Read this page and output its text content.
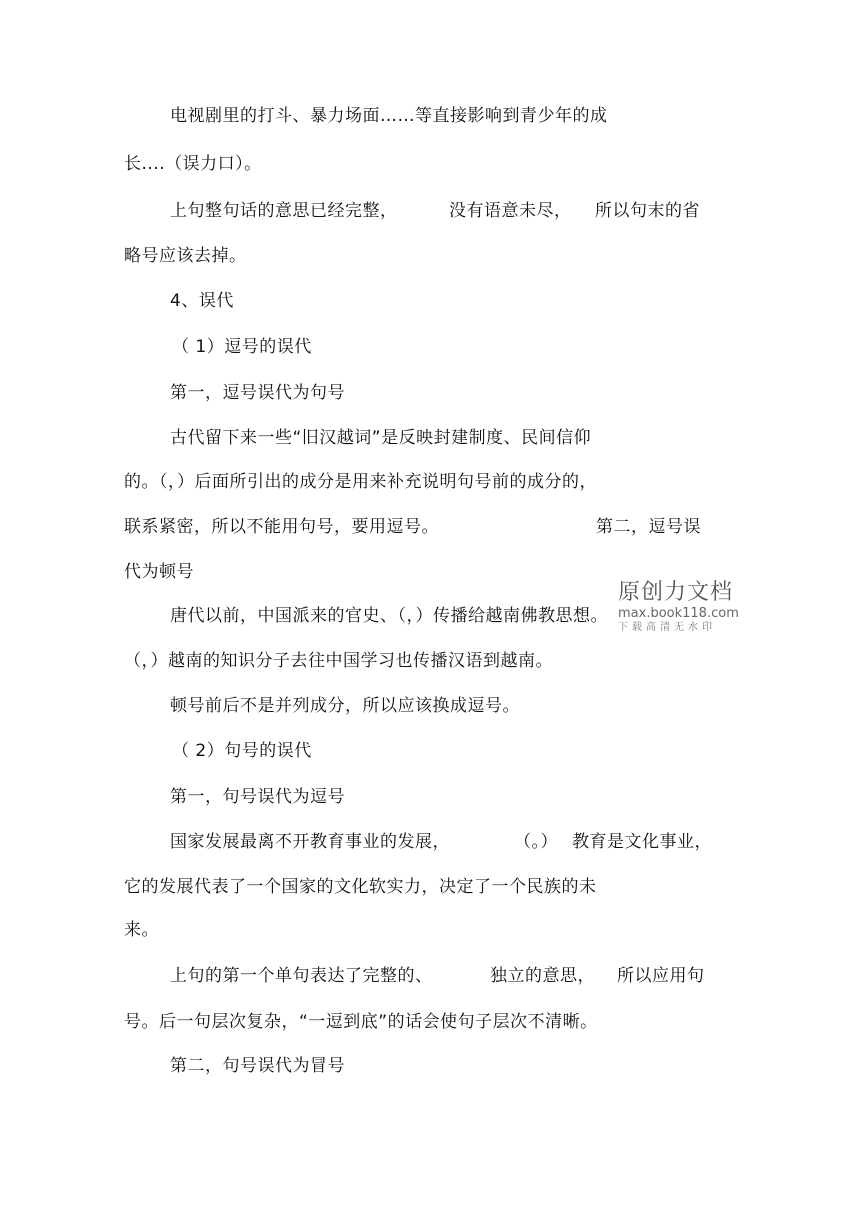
电视剧里的打斗、暴力场面……等直接影响到青少年的成
长....（误力口）。
上句整句话的意思已经完整，	没有语意未尽， 所以句末的省
略号应该去掉。
4、误代
（ 1）逗号的误代
第一，逗号误代为句号
古代留下来一些“旧汉越词”是反映封建制度、民间信仰
的。（，）后面所引出的成分是用来补充说明句号前的成分的，
联系紧密，所以不能用句号，要用逗号。	第二，逗号误
代为顿号
唐代以前，中国派来的官史、（，）传播给越南佛教思想。
（，）越南的知识分子去往中国学习也传播汉语到越南。
顿号前后不是并列成分，所以应该换成逗号。
（ 2）句号的误代
第一，句号误代为逗号
国家发展最离不开教育事业的发展，	（。） 教育是文化事业，
它的发展代表了一个国家的文化软实力，决定了一个民族的未
来。
上句的第一个单句表达了完整的、	独立的意思， 所以应用句
号。后一句层次复杂，“一逗到底”的话会使句子层次不清晰。
第二，句号误代为冒号
原创力文档
max.book118.com
下载高清无水印
